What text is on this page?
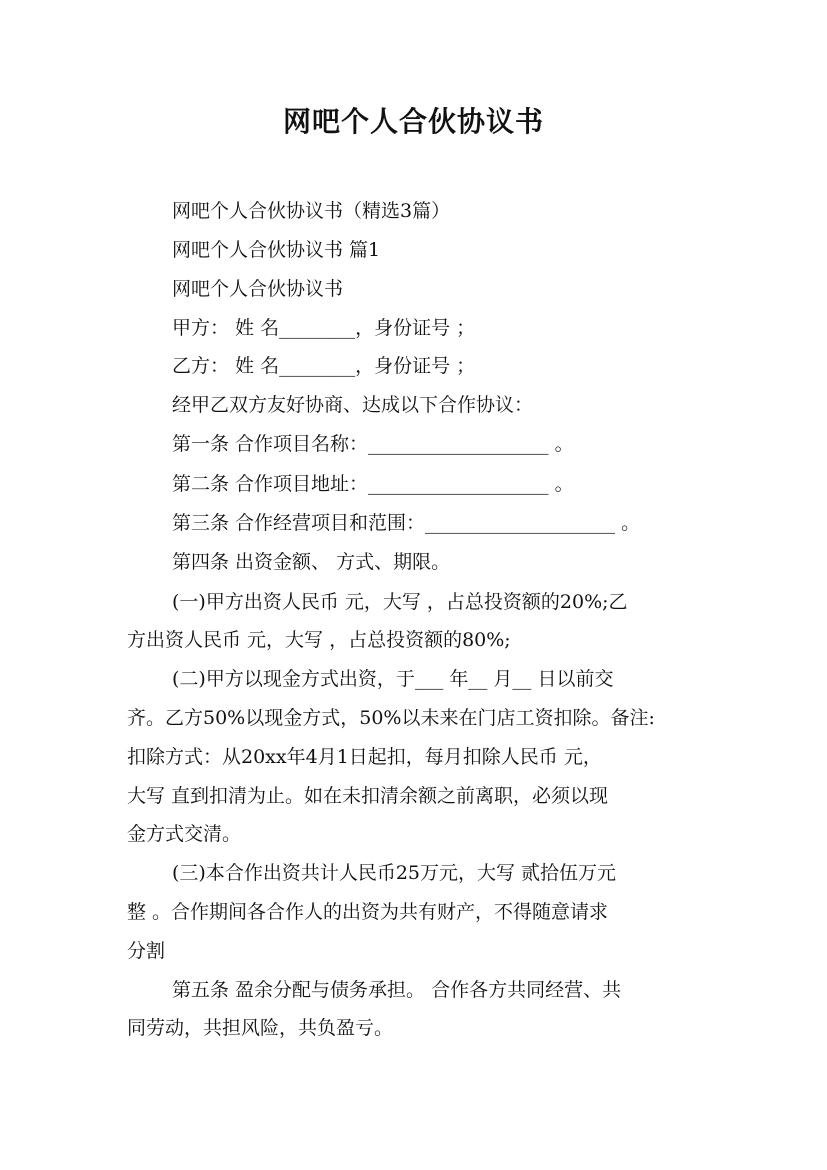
网吧个人合伙协议书
网吧个人合伙协议书（精选3篇）
网吧个人合伙协议书 篇1
网吧个人合伙协议书
甲方： 姓 名________，身份证号 ；
乙方： 姓 名________，身份证号 ；
经甲乙双方友好协商、达成以下合作协议：
第一条 合作项目名称：___________________ 。
第二条 合作项目地址：___________________ 。
第三条 合作经营项目和范围：____________________ 。
第四条 出资金额、 方式、期限。
(一)甲方出资人民币 元，大写 ，占总投资额的20%;乙
方出资人民币 元，大写 ，占总投资额的80%;
(二)甲方以现金方式出资，于___ 年__ 月__ 日以前交
齐。乙方50%以现金方式，50%以未来在门店工资扣除。备注:
扣除方式：从20xx年4月1日起扣，每月扣除人民币 元，
大写 直到扣清为止。如在未扣清余额之前离职，必须以现
金方式交清。
(三)本合作出资共计人民币25万元，大写 贰拾伍万元
整 。合作期间各合作人的出资为共有财产，不得随意请求
分割
第五条 盈余分配与债务承担。 合作各方共同经营、共
同劳动，共担风险，共负盈亏。
